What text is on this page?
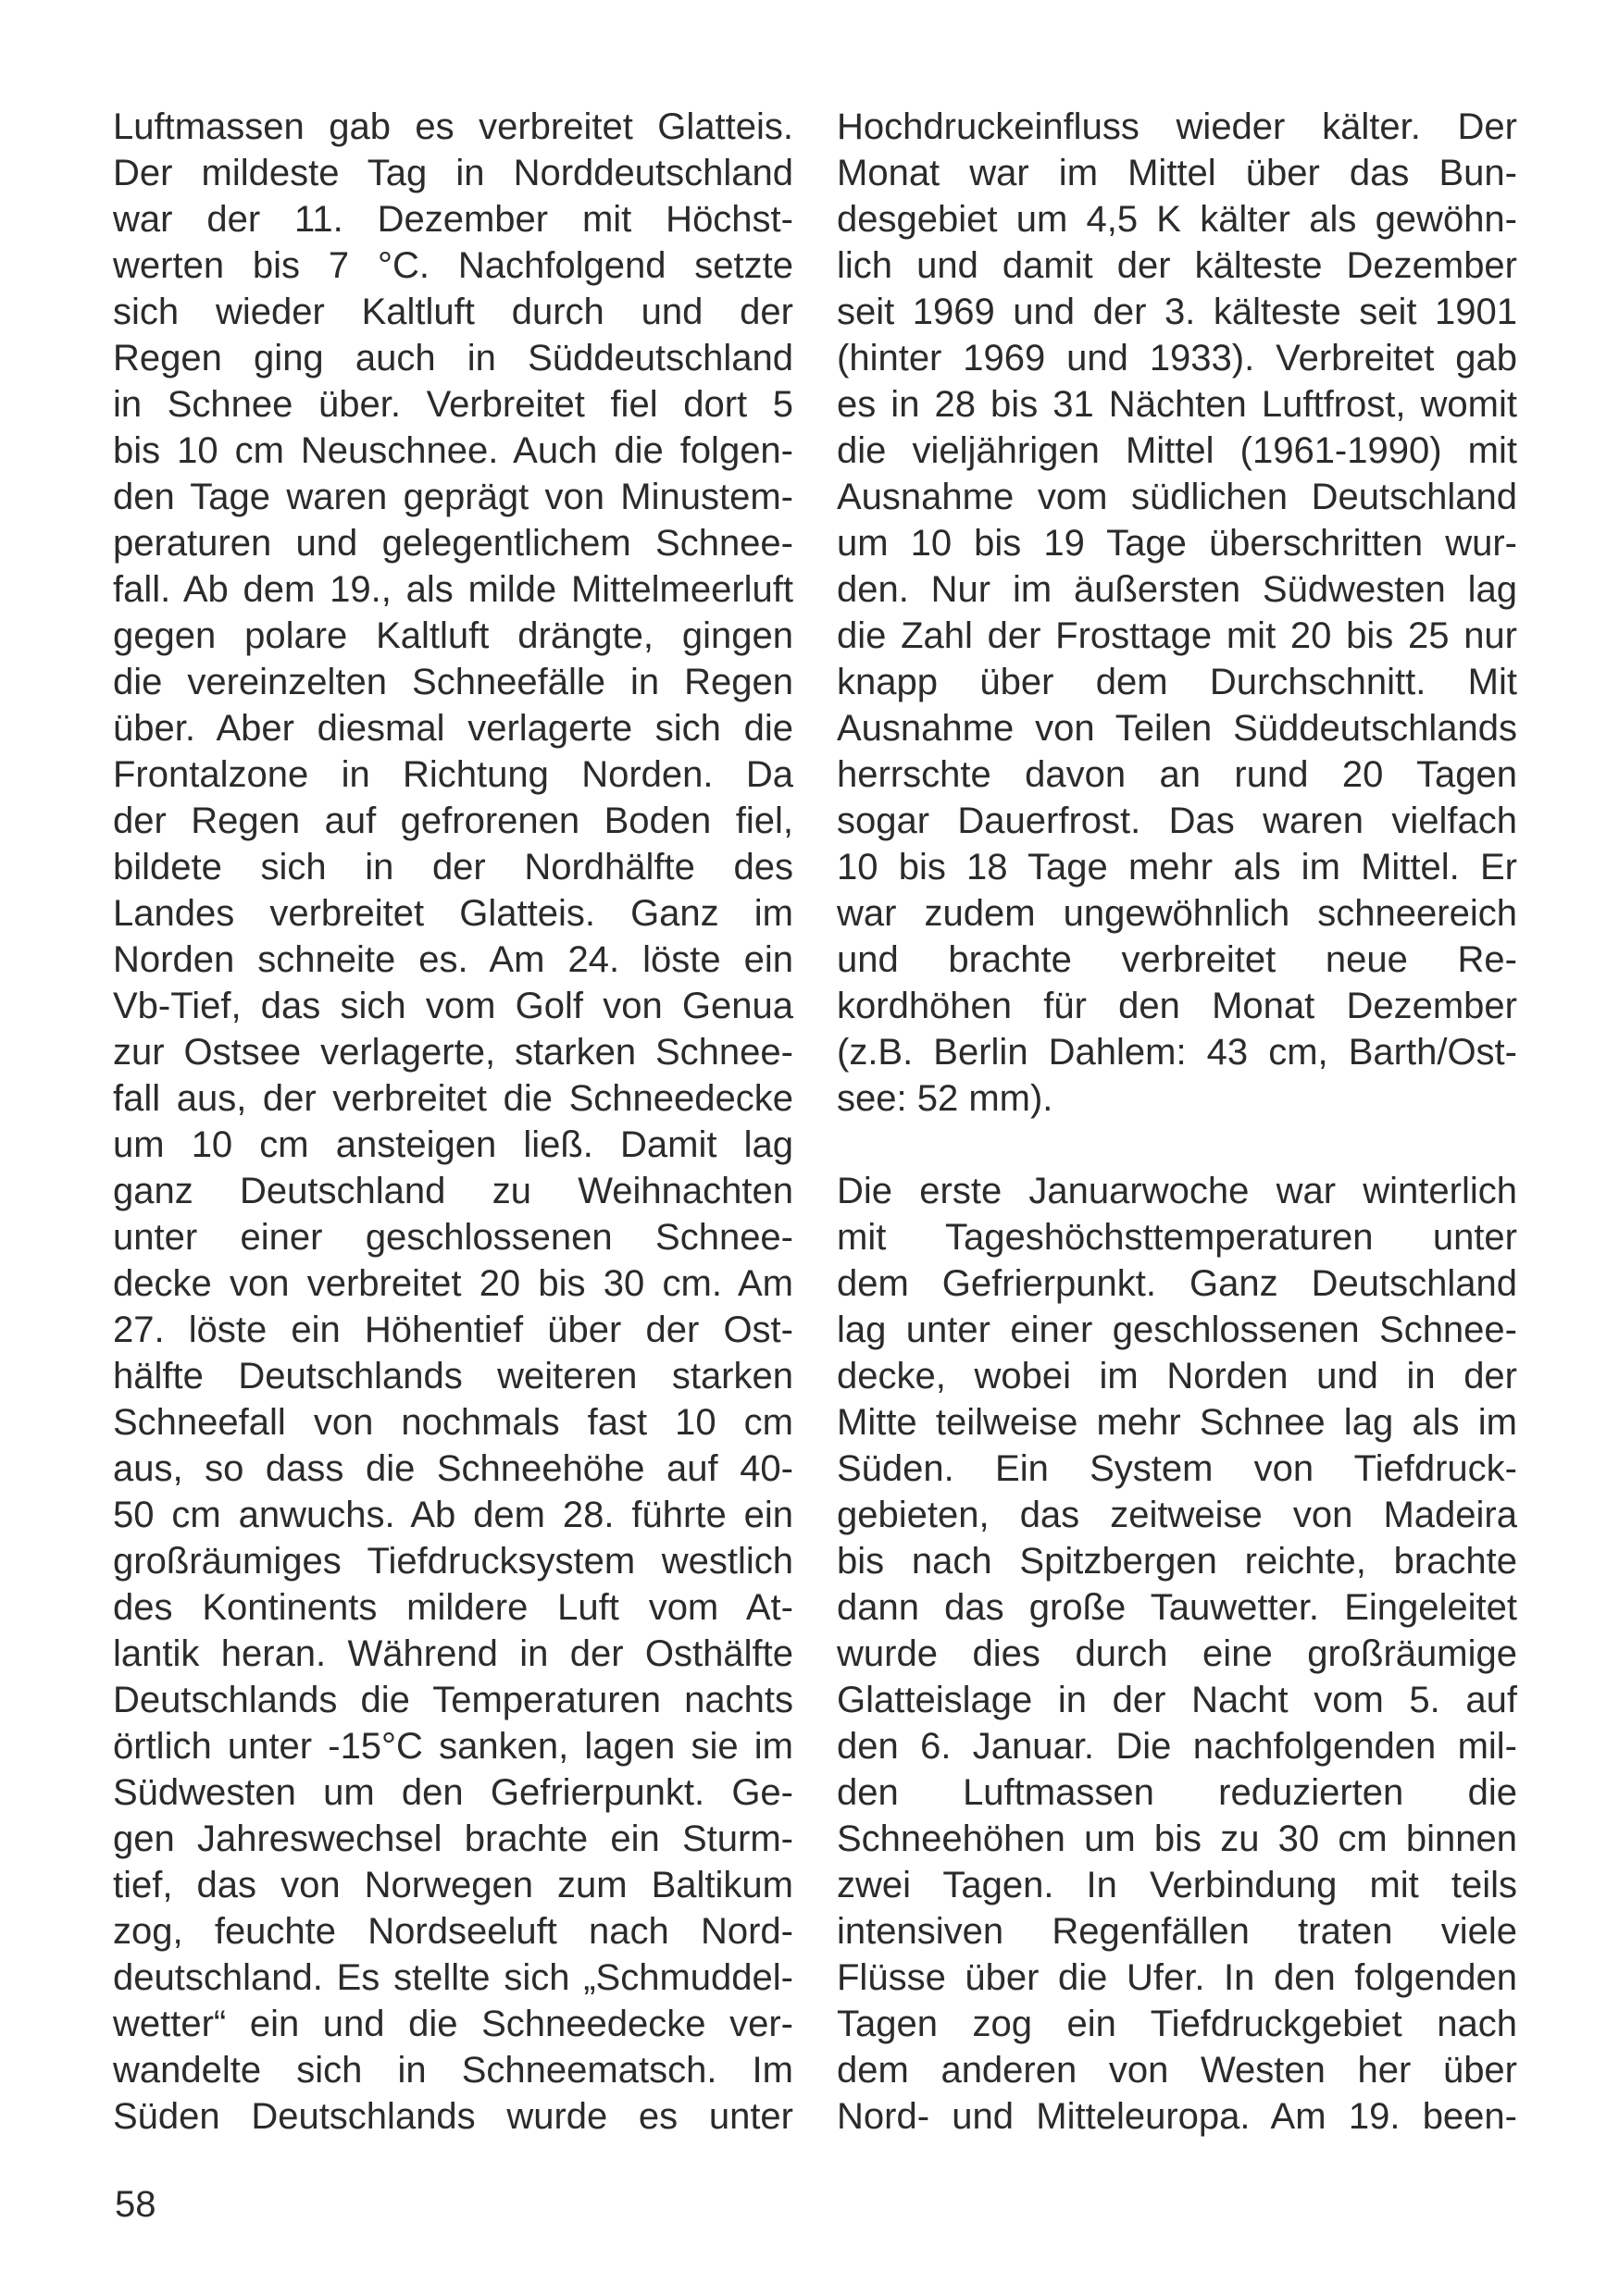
Luftmassen gab es verbreitet Glatteis.
Der mildeste Tag in Norddeutschland
war der 11. Dezember mit Höchst-
werten bis 7 °C. Nachfolgend setzte
sich wieder Kaltluft durch und der
Regen ging auch in Süddeutschland
in Schnee über. Verbreitet fiel dort 5
bis 10 cm Neuschnee. Auch die folgen-
den Tage waren geprägt von Minustem-
peraturen und gelegentlichem Schnee-
fall. Ab dem 19., als milde Mittelmeerluft
gegen polare Kaltluft drängte, gingen
die vereinzelten Schneefälle in Regen
über. Aber diesmal verlagerte sich die
Frontalzone in Richtung Norden. Da
der Regen auf gefrorenen Boden fiel,
bildete sich in der Nordhälfte des
Landes verbreitet Glatteis. Ganz im
Norden schneite es. Am 24. löste ein
Vb-Tief, das sich vom Golf von Genua
zur Ostsee verlagerte, starken Schnee-
fall aus, der verbreitet die Schneedecke
um 10 cm ansteigen ließ. Damit lag
ganz Deutschland zu Weihnachten
unter einer geschlossenen Schnee-
decke von verbreitet 20 bis 30 cm. Am
27. löste ein Höhentief über der Ost-
hälfte Deutschlands weiteren starken
Schneefall von nochmals fast 10 cm
aus, so dass die Schneehöhe auf 40-
50 cm anwuchs. Ab dem 28. führte ein
großräumiges Tiefdrucksystem westlich
des Kontinents mildere Luft vom At-
lantik heran. Während in der Osthälfte
Deutschlands die Temperaturen nachts
örtlich unter -15°C sanken, lagen sie im
Südwesten um den Gefrierpunkt. Ge-
gen Jahreswechsel brachte ein Sturm-
tief, das von Norwegen zum Baltikum
zog, feuchte Nordseeluft nach Nord-
deutschland. Es stellte sich „Schmuddel-
wetter“ ein und die Schneedecke ver-
wandelte sich in Schneematsch. Im
Süden Deutschlands wurde es unter
Hochdruckeinfluss wieder kälter. Der
Monat war im Mittel über das Bun-
desgebiet um 4,5 K kälter als gewöhn-
lich und damit der kälteste Dezember
seit 1969 und der 3. kälteste seit 1901
(hinter 1969 und 1933). Verbreitet gab
es in 28 bis 31 Nächten Luftfrost, womit
die vieljährigen Mittel (1961-1990) mit
Ausnahme vom südlichen Deutschland
um 10 bis 19 Tage überschritten wur-
den. Nur im äußersten Südwesten lag
die Zahl der Frosttage mit 20 bis 25 nur
knapp über dem Durchschnitt. Mit
Ausnahme von Teilen Süddeutschlands
herrschte davon an rund 20 Tagen
sogar Dauerfrost. Das waren vielfach
10 bis 18 Tage mehr als im Mittel. Er
war zudem ungewöhnlich schneereich
und brachte verbreitet neue Re-
kordhöhen für den Monat Dezember
(z.B. Berlin Dahlem: 43 cm, Barth/Ost-
see: 52 mm).
Die erste Januarwoche war winterlich
mit Tageshöchsttemperaturen unter
dem Gefrierpunkt. Ganz Deutschland
lag unter einer geschlossenen Schnee-
decke, wobei im Norden und in der
Mitte teilweise mehr Schnee lag als im
Süden. Ein System von Tiefdruck-
gebieten, das zeitweise von Madeira
bis nach Spitzbergen reichte, brachte
dann das große Tauwetter. Eingeleitet
wurde dies durch eine großräumige
Glatteislage in der Nacht vom 5. auf
den 6. Januar. Die nachfolgenden mil-
den Luftmassen reduzierten die
Schneehöhen um bis zu 30 cm binnen
zwei Tagen. In Verbindung mit teils
intensiven Regenfällen traten viele
Flüsse über die Ufer. In den folgenden
Tagen zog ein Tiefdruckgebiet nach
dem anderen von Westen her über
Nord- und Mitteleuropa. Am 19. been-
58
